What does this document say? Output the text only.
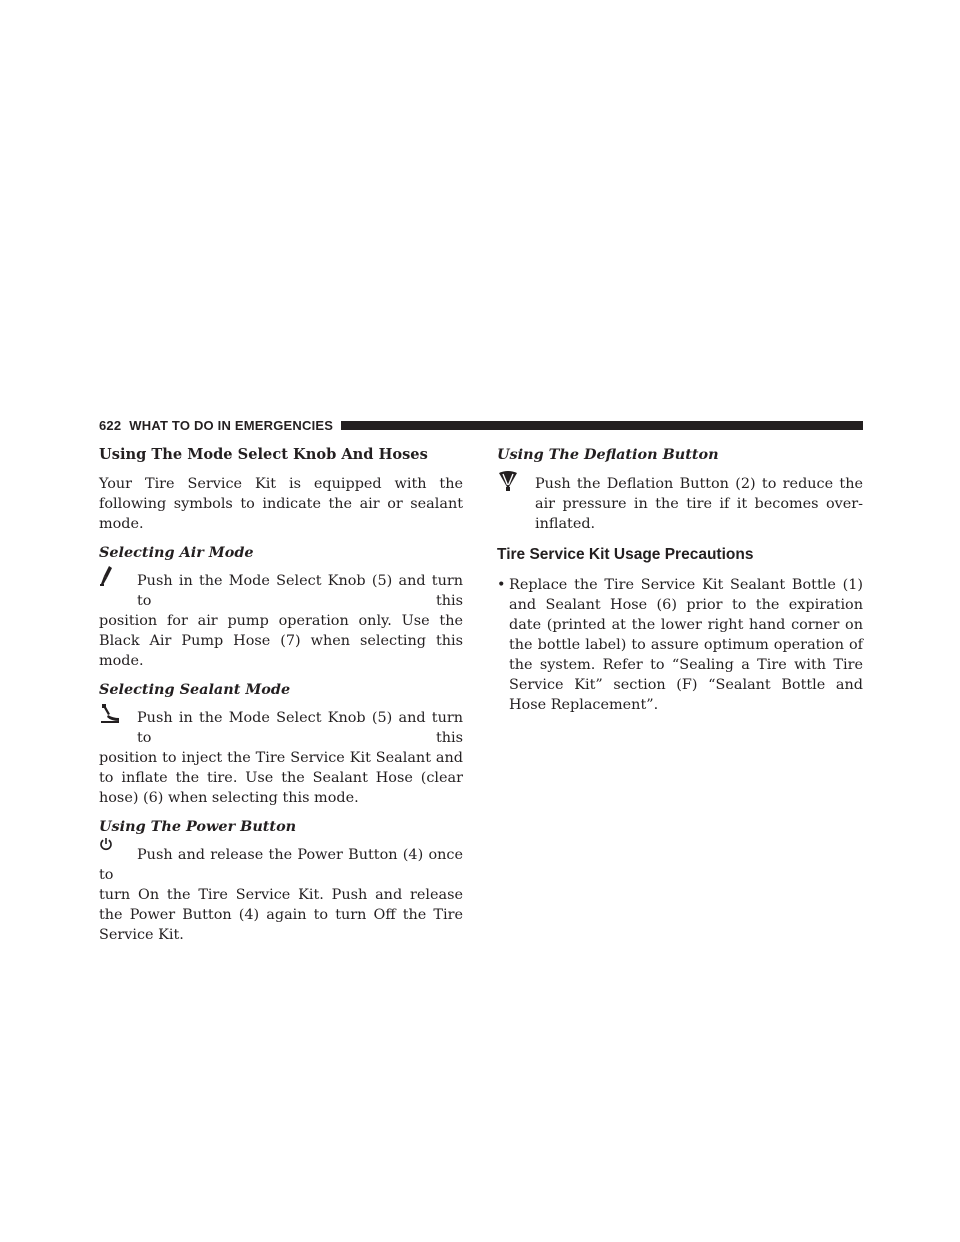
622 WHAT TO DO IN EMERGENCIES

Using The Mode Select Knob And Hoses

Your Tire Service Kit is equipped with the following symbols to indicate the air or sealant mode.

Selecting Air Mode

Push in the Mode Select Knob (5) and turn to this

position for air pump operation only. Use the

Black Air Pump Hose (7) when selecting this mode.

Selecting Sealant Mode

Push in the Mode Select Knob (5) and turn to this

position to inject the Tire Service Kit Sealant and

to inflate the tire. Use the Sealant Hose (clear hose) (6) when selecting this mode.

Using The Power Button

Push and release the Power Button (4) once to

turn On the Tire Service Kit. Push and release the Power Button (4) again to turn Off the Tire Service Kit.

Using The Deflation Button

Push the Deflation Button (2) to reduce the air pressure in the tire if it becomes over-inflated.

Tire Service Kit Usage Precautions

• Replace the Tire Service Kit Sealant Bottle (1) and Sealant Hose (6) prior to the expiration date (printed at the lower right hand corner on the bottle label) to assure optimum operation of the system. Refer to “Sealing a Tire with Tire Service Kit” section (F) “Sealant Bottle and Hose Replacement”.
